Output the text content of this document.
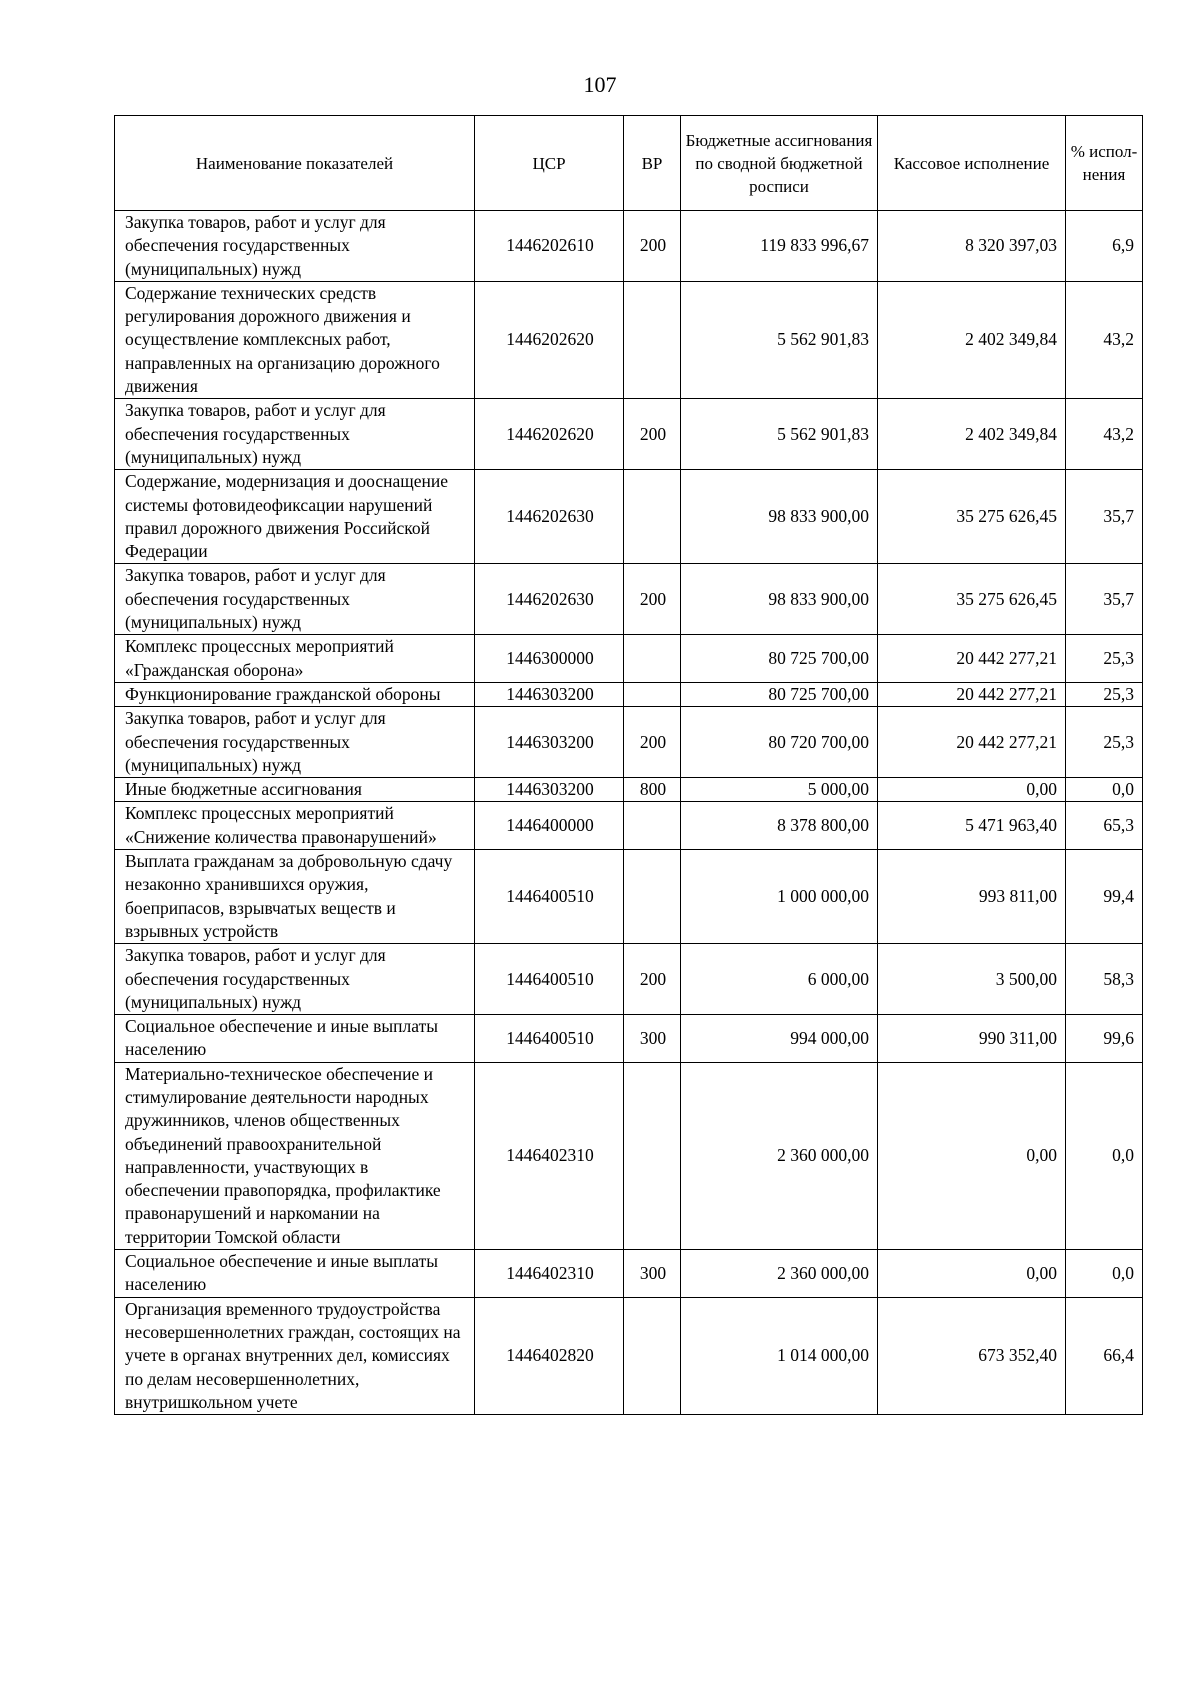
107
Наименование показателей	ЦСР	ВР	Бюджетные ассигнования по сводной бюджетной росписи	Кассовое исполнение	% испол-нения
Закупка товаров, работ и услуг для обеспечения государственных (муниципальных) нужд	1446202610	200	119 833 996,67	8 320 397,03	6,9
Содержание технических средств регулирования дорожного движения и осуществление комплексных работ, направленных на организацию дорожного движения	1446202620		5 562 901,83	2 402 349,84	43,2
Закупка товаров, работ и услуг для обеспечения государственных (муниципальных) нужд	1446202620	200	5 562 901,83	2 402 349,84	43,2
Содержание, модернизация и дооснащение системы фотовидеофиксации нарушений правил дорожного движения Российской Федерации	1446202630		98 833 900,00	35 275 626,45	35,7
Закупка товаров, работ и услуг для обеспечения государственных (муниципальных) нужд	1446202630	200	98 833 900,00	35 275 626,45	35,7
Комплекс процессных мероприятий «Гражданская оборона»	1446300000		80 725 700,00	20 442 277,21	25,3
Функционирование гражданской обороны	1446303200		80 725 700,00	20 442 277,21	25,3
Закупка товаров, работ и услуг для обеспечения государственных (муниципальных) нужд	1446303200	200	80 720 700,00	20 442 277,21	25,3
Иные бюджетные ассигнования	1446303200	800	5 000,00	0,00	0,0
Комплекс процессных мероприятий «Снижение количества правонарушений»	1446400000		8 378 800,00	5 471 963,40	65,3
Выплата гражданам за добровольную сдачу незаконно хранившихся оружия, боеприпасов, взрывчатых веществ и взрывных устройств	1446400510		1 000 000,00	993 811,00	99,4
Закупка товаров, работ и услуг для обеспечения государственных (муниципальных) нужд	1446400510	200	6 000,00	3 500,00	58,3
Социальное обеспечение и иные выплаты населению	1446400510	300	994 000,00	990 311,00	99,6
Материально-техническое обеспечение и стимулирование деятельности народных дружинников, членов общественных объединений правоохранительной направленности, участвующих в обеспечении правопорядка, профилактике правонарушений и наркомании на территории Томской области	1446402310		2 360 000,00	0,00	0,0
Социальное обеспечение и иные выплаты населению	1446402310	300	2 360 000,00	0,00	0,0
Организация временного трудоустройства несовершеннолетних граждан, состоящих на учете в органах внутренних дел, комиссиях по делам несовершеннолетних, внутришкольном учете	1446402820		1 014 000,00	673 352,40	66,4
